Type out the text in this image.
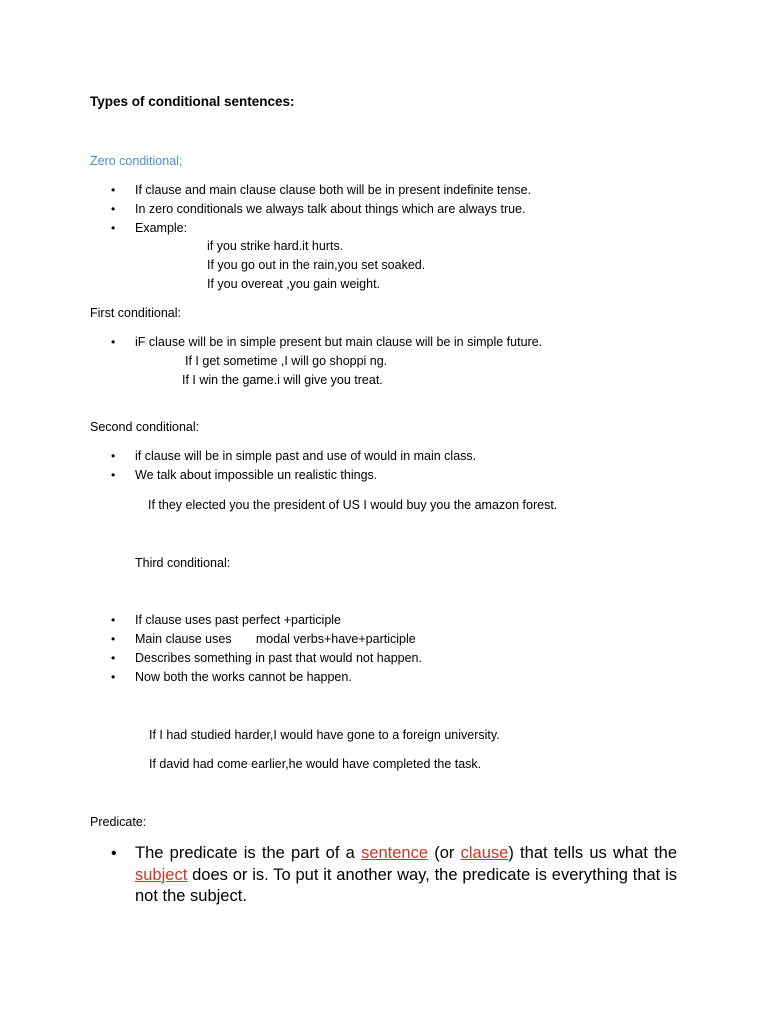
Types of conditional sentences:
Zero conditional;
• If clause and main clause clause both will be in present indefinite tense.
• In zero conditionals we always talk about things which are always true.
• Example:
if you strike hard.it hurts.
If you go out in the rain,you set soaked.
If you overeat ,you gain weight.
First conditional:
• iF clause will be in simple present but main clause will be in simple future.
If I get sometime ,I will go shoppi ng.
If I win the game.i will give you treat.
Second conditional:
• if clause will be in simple past and use of would in main class.
• We talk about impossible un realistic things.
If they elected you the president of US I would buy you the amazon forest.
Third conditional:
• If clause uses past perfect +participle
• Main clause uses       modal verbs+have+participle
• Describes something in past that would not happen.
• Now both the works cannot be happen.
If I had studied harder,I would have gone to a foreign university.
If david had come earlier,he would have completed the task.
Predicate:
• The predicate is the part of a sentence (or clause) that tells us what the subject does or is. To put it another way, the predicate is everything that is not the subject.
